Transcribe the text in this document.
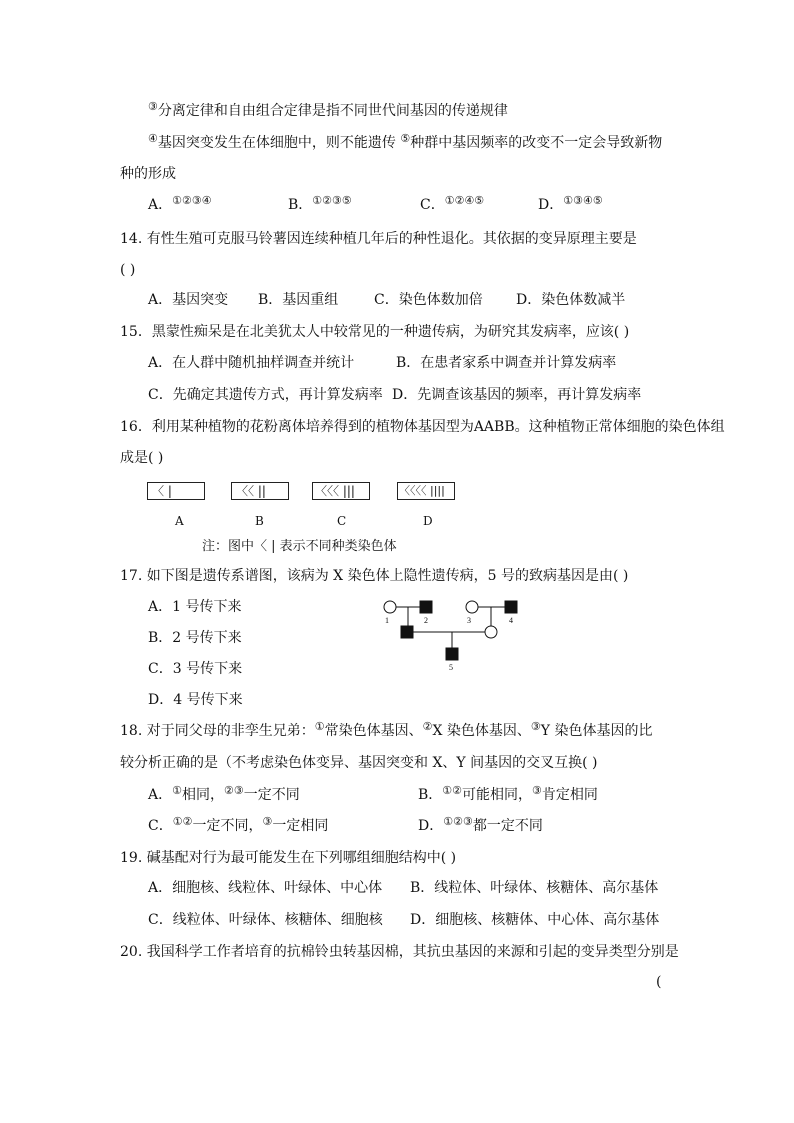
③分离定律和自由组合定律是指不同世代间基因的传递规律
④基因突变发生在体细胞中，则不能遗传 ⑤种群中基因频率的改变不一定会导致新物
种的形成
A．①②③④	B．①②③⑤	C．①②④⑤	D．①③④⑤
14. 有性生殖可克服马铃薯因连续种植几年后的种性退化。其依据的变异原理主要是
( )
A．基因突变 B．基因重组	C．染色体数加倍 D．染色体数减半
15．黑蒙性痴呆是在北美犹太人中较常见的一种遗传病，为研究其发病率，应该( )
A．在人群中随机抽样调查并统计	B．在患者家系中调查并计算发病率
C．先确定其遗传方式，再计算发病率 D．先调查该基因的频率，再计算发病率
16．利用某种植物的花粉离体培养得到的植物体基因型为AABB。这种植物正常体细胞的染色体组
成是( )
〈 |	〈〈 ||	〈〈〈 |||	〈〈〈〈 ||||
A	B	C	D
注：图中〈 | 表示不同种类染色体
17. 如下图是遗传系谱图，该病为 X 染色体上隐性遗传病，5 号的致病基因是由( )
A．1 号传下来
B．2 号传下来
C．3 号传下来
D．4 号传下来
1	2	3	4
5
18. 对于同父母的非孪生兄弟：①常染色体基因、②X 染色体基因、③Y 染色体基因的比
较分析正确的是（不考虑染色体变异、基因突变和 X、Y 间基因的交叉互换( )
A．①相同，②③一定不同	B．①②可能相同，③肯定相同
C．①②一定不同，③一定相同	D．①②③都一定不同
19. 碱基配对行为最可能发生在下列哪组细胞结构中( )
A．细胞核、线粒体、叶绿体、中心体 B．线粒体、叶绿体、核糖体、高尔基体
C．线粒体、叶绿体、核糖体、细胞核 D．细胞核、核糖体、中心体、高尔基体
20. 我国科学工作者培育的抗棉铃虫转基因棉，其抗虫基因的来源和引起的变异类型分别是
(
